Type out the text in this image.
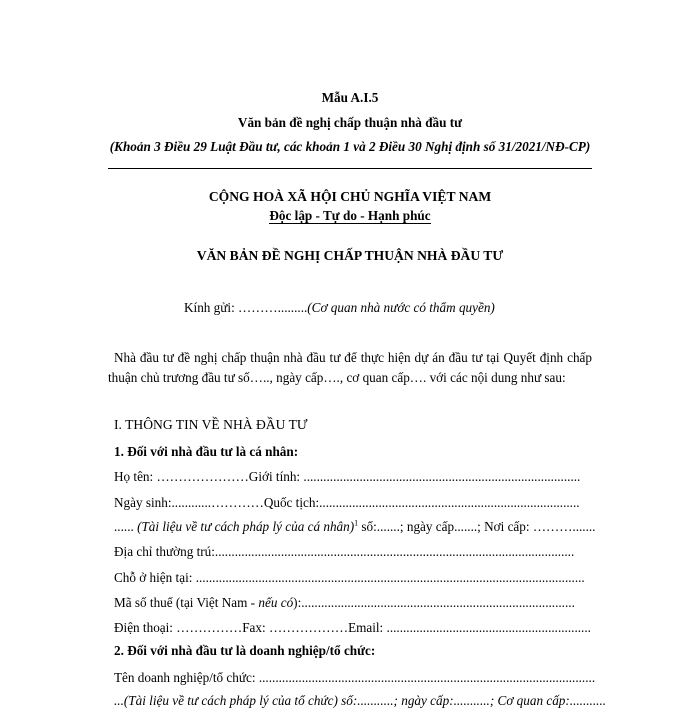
Mẫu A.I.5
Văn bản đề nghị chấp thuận nhà đầu tư
(Khoản 3 Điều 29 Luật Đầu tư, các khoản 1 và 2 Điều 30 Nghị định số 31/2021/NĐ-CP)
CỘNG HOÀ XÃ HỘI CHỦ NGHĨA VIỆT NAM
Độc lập - Tự do - Hạnh phúc
VĂN BẢN ĐỀ NGHỊ CHẤP THUẬN NHÀ ĐẦU TƯ
Kính gửi: ……….........(Cơ quan nhà nước có thẩm quyền)
Nhà đầu tư đề nghị chấp thuận nhà đầu tư để thực hiện dự án đầu tư tại Quyết định chấp
thuận chủ trương đầu tư số….., ngày cấp…., cơ quan cấp…. với các nội dung như sau:
I. THÔNG TIN VỀ NHÀ ĐẦU TƯ
1. Đối với nhà đầu tư là cá nhân:
Họ tên: …………………Giới tính: ....................................................................................
Ngày sinh:............…………Quốc tịch:...............................................................................
...... (Tài liệu về tư cách pháp lý của cá nhân)$^1$ số:.......; ngày cấp.......; Nơi cấp: ……….......
Địa chỉ thường trú:.............................................................................................................
Chỗ ở hiện tại: ......................................................................................................................
Mã số thuế (tại Việt Nam - nếu có):...................................................................................
Điện thoại: ……………Fax: ………………Email: ..............................................................
2. Đối với nhà đầu tư là doanh nghiệp/tổ chức:
Tên doanh nghiệp/tổ chức: ......................................................................................................
...(Tài liệu về tư cách pháp lý của tổ chức) số:...........; ngày cấp:...........; Cơ quan cấp:...........
